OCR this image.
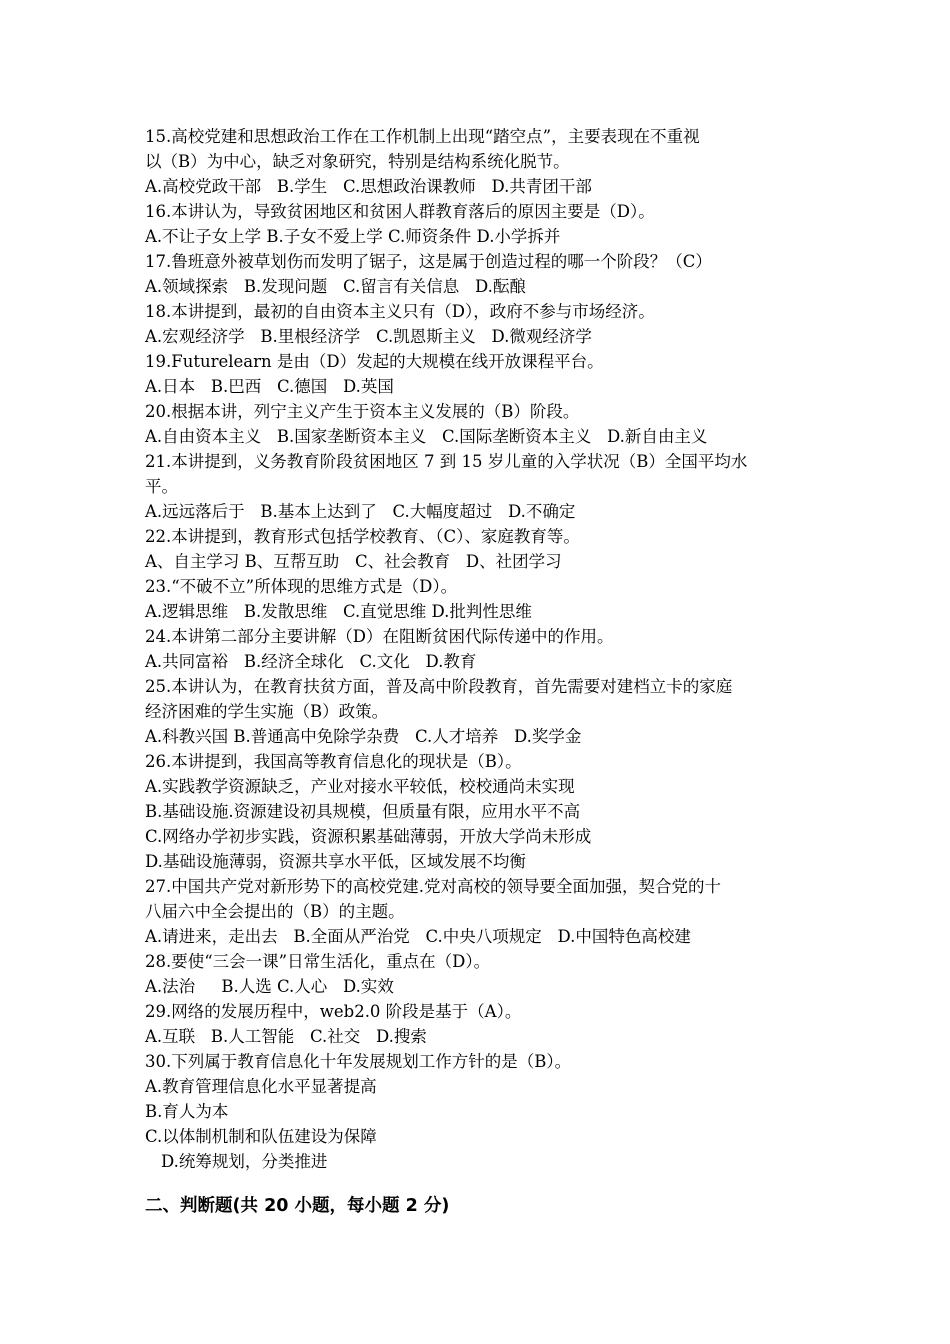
15.高校党建和思想政治工作在工作机制上出现“踏空点”，主要表现在不重视
以（B）为中心，缺乏对象研究，特别是结构系统化脱节。
A.高校党政干部   B.学生   C.思想政治课教师   D.共青团干部
16.本讲认为，导致贫困地区和贫困人群教育落后的原因主要是（D）。
A.不让子女上学 B.子女不爱上学 C.师资条件 D.小学拆并
17.鲁班意外被草划伤而发明了锯子，这是属于创造过程的哪一个阶段？（C）
A.领域探索   B.发现问题   C.留言有关信息   D.酝酿
18.本讲提到，最初的自由资本主义只有（D），政府不参与市场经济。
A.宏观经济学   B.里根经济学   C.凯恩斯主义   D.微观经济学
19.Futurelearn 是由（D）发起的大规模在线开放课程平台。
A.日本   B.巴西   C.德国   D.英国
20.根据本讲，列宁主义产生于资本主义发展的（B）阶段。
A.自由资本主义   B.国家垄断资本主义   C.国际垄断资本主义   D.新自由主义
21.本讲提到，义务教育阶段贫困地区 7 到 15 岁儿童的入学状况（B）全国平均水
平。
A.远远落后于   B.基本上达到了   C.大幅度超过   D.不确定
22.本讲提到，教育形式包括学校教育、（C）、家庭教育等。
A、自主学习 B、互帮互助   C、社会教育   D、社团学习
23.“不破不立”所体现的思维方式是（D）。
A.逻辑思维   B.发散思维   C.直觉思维 D.批判性思维
24.本讲第二部分主要讲解（D）在阻断贫困代际传递中的作用。
A.共同富裕   B.经济全球化   C.文化   D.教育
25.本讲认为，在教育扶贫方面，普及高中阶段教育，首先需要对建档立卡的家庭
经济困难的学生实施（B）政策。
A.科教兴国 B.普通高中免除学杂费   C.人才培养   D.奖学金
26.本讲提到，我国高等教育信息化的现状是（B）。
A.实践教学资源缺乏，产业对接水平较低，校校通尚未实现
B.基础设施.资源建设初具规模，但质量有限，应用水平不高
C.网络办学初步实践，资源积累基础薄弱，开放大学尚未形成
D.基础设施薄弱，资源共享水平低，区域发展不均衡
27.中国共产党对新形势下的高校党建.党对高校的领导要全面加强，契合党的十
八届六中全会提出的（B）的主题。
A.请进来，走出去   B.全面从严治党   C.中央八项规定   D.中国特色高校建
28.要使“三会一课”日常生活化，重点在（D）。
A.法治     B.人选 C.人心   D.实效
29.网络的发展历程中，web2.0 阶段是基于（A）。
A.互联   B.人工智能   C.社交   D.搜索
30.下列属于教育信息化十年发展规划工作方针的是（B）。
A.教育管理信息化水平显著提高
B.育人为本
C.以体制机制和队伍建设为保障
D.统筹规划，分类推进
二、判断题(共 20 小题，每小题 2 分)
